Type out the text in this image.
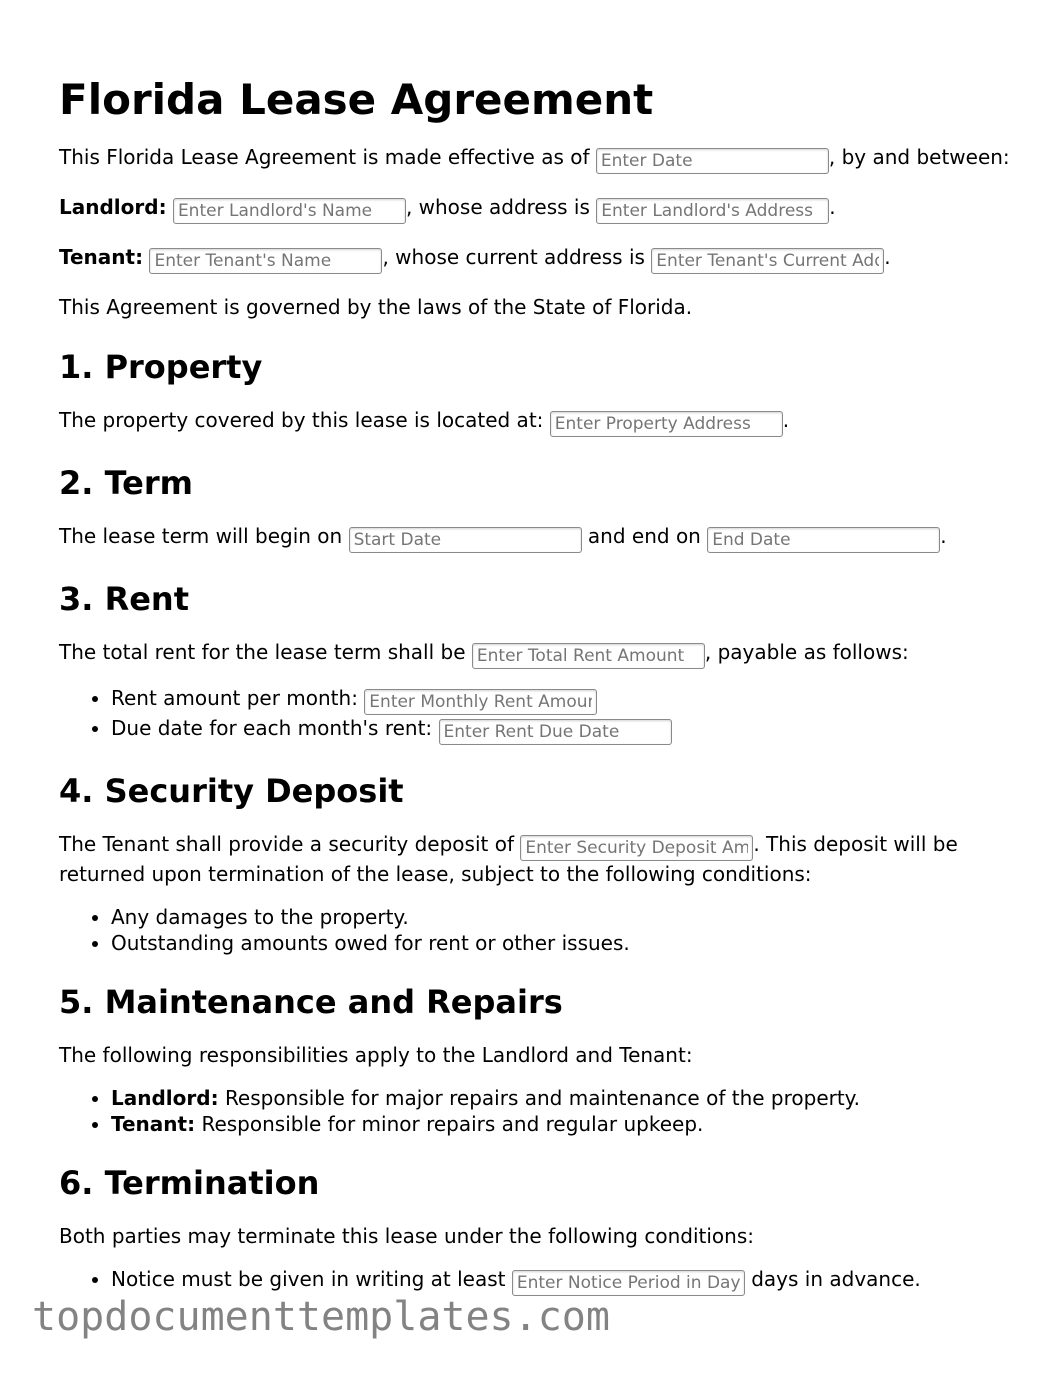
Florida Lease Agreement

This Florida Lease Agreement is made effective as of Enter Date	, by and between:

Landlord: Enter Landlord's Name	, whose address is Enter Landlord's Address	.

Tenant: Enter Tenant's Name	, whose current address is Enter Tenant's Current Address	.

This Agreement is governed by the laws of the State of Florida.

1. Property

The property covered by this lease is located at: Enter Property Address	.

2. Term

The lease term will begin on Start Date	and end on End Date	.

3. Rent

The total rent for the lease term shall be Enter Total Rent Amount	, payable as follows:

• Rent amount per month: Enter Monthly Rent Amount
• Due date for each month's rent: Enter Rent Due Date
4. Security Deposit

The Tenant shall provide a security deposit of Enter Security Deposit Amount	. This deposit will be returned upon termination of the lease, subject to the following conditions:

• Any damages to the property.
• Outstanding amounts owed for rent or other issues.
5. Maintenance and Repairs

The following responsibilities apply to the Landlord and Tenant:

• Landlord: Responsible for major repairs and maintenance of the property.
• Tenant: Responsible for minor repairs and regular upkeep.
6. Termination

Both parties may terminate this lease under the following conditions:

• Notice must be given in writing at least Enter Notice Period in Days	days in advance.
topdocumenttemplates.com
